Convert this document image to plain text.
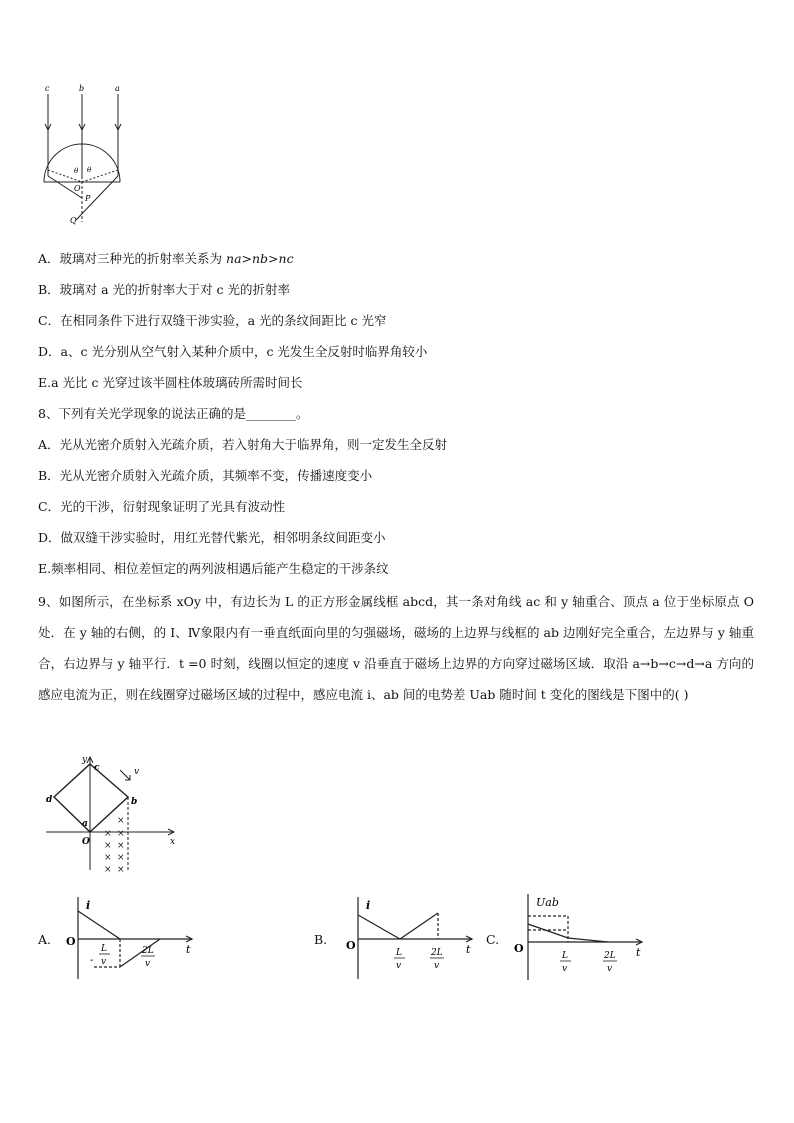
c	b	a
θ θ
O
P
Q
A．玻璃对三种光的折射率关系为 na>nb>nc
B．玻璃对 a 光的折射率大于对 c 光的折射率
C．在相同条件下进行双缝干涉实验，a 光的条纹间距比 c 光窄
D．a、c 光分别从空气射入某种介质中，c 光发生全反射时临界角较小
E.a 光比 c 光穿过该半圆柱体玻璃砖所需时间长
8、下列有关光学现象的说法正确的是________。
A．光从光密介质射入光疏介质，若入射角大于临界角，则一定发生全反射
B．光从光密介质射入光疏介质，其频率不变，传播速度变小
C．光的干涉，衍射现象证明了光具有波动性
D．做双缝干涉实验时，用红光替代紫光，相邻明条纹间距变小
E.频率相同、相位差恒定的两列波相遇后能产生稳定的干涉条纹
9、如图所示，在坐标系 xOy 中，有边长为 L 的正方形金属线框 abcd，其一条对角线 ac 和 y 轴重合、顶点 a 位于坐标原点 O 处．在 y 轴的右侧，的 I、Ⅳ象限内有一垂直纸面向里的匀强磁场，磁场的上边界与线框的 ab 边刚好完全重合，左边界与 y 轴重合，右边界与 y 轴平行．t =0 时刻，线圈以恒定的速度 v 沿垂直于磁场上边界的方向穿过磁场区域．取沿 a→b→c→d→a 方向的感应电流为正，则在线圈穿过磁场区域的过程中，感应电流 i、ab 间的电势差 Uab 随时间 t 变化的图线是下图中的( )
× ×
×
× ×
× ×
× ×
y
x
c
d	b
a
O
v
A.
i
O
t
-
L
v
2L
v
B.
i
O	t
L
v
2L
v
C.
Uab
O	t
L
v
2L
v
